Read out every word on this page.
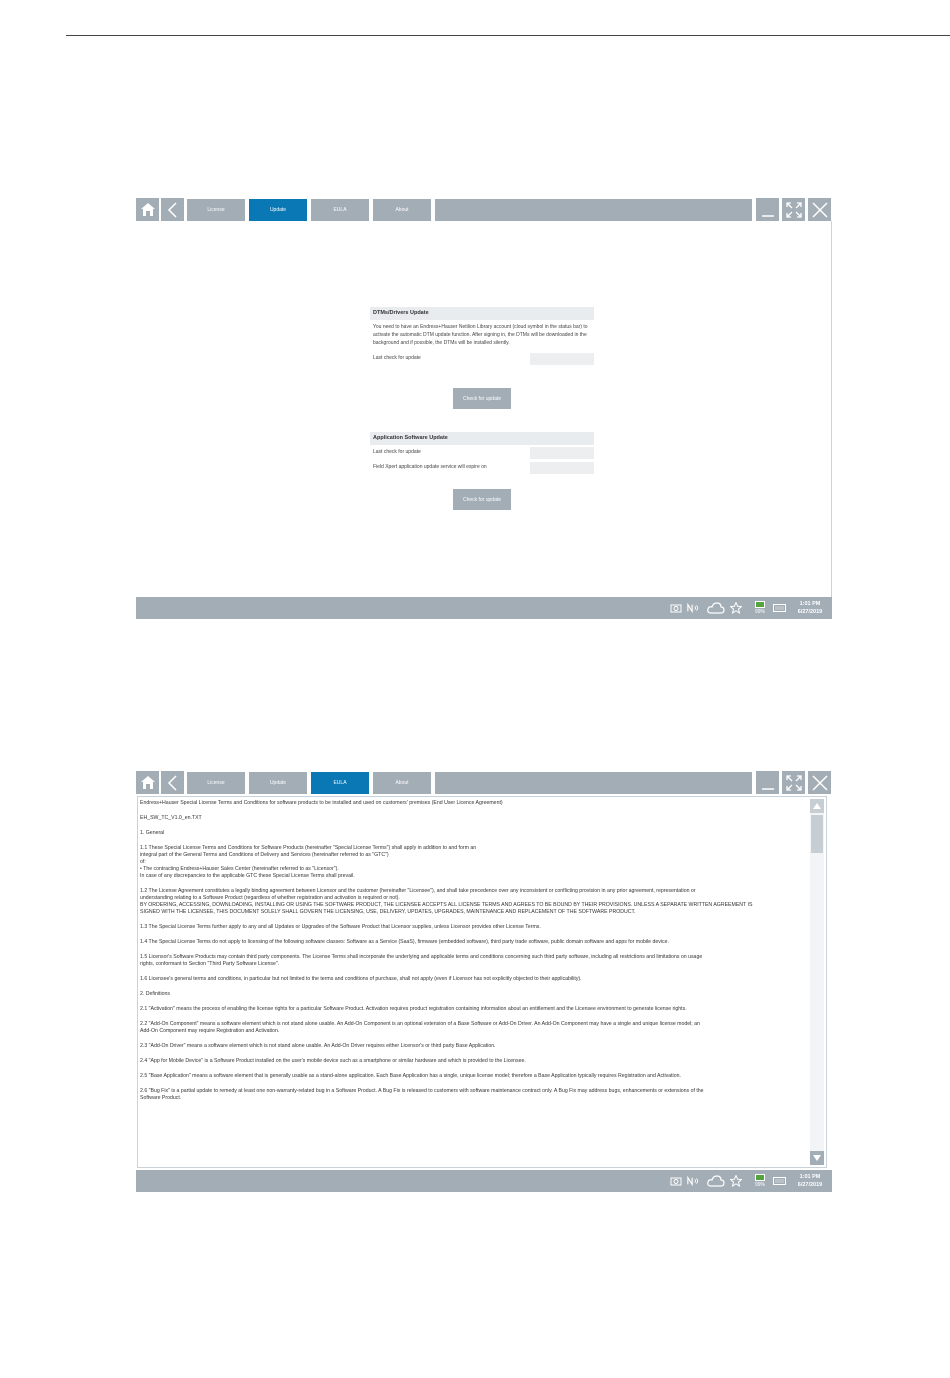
License	Update	EULA	About
DTMs/Drivers Update
You need to have an Endress+Hauser Netilion Library account (cloud symbol in the status bar) to activate the automatic DTM update function. After signing in, the DTMs will be downloaded in the background and if possible, the DTMs will be installed silently.
Last check for update
Check for update
Application Software Update
Last check for update
Field Xpert application update service will expire on
Check for update
99%
1:01 PM
6/27/2019
License	Update	EULA	About
Endress+Hauser Special License Terms and Conditions for software products to be installed and used on customers' premises (End User Licence Agreement)
EH_SW_TC_V1.0_en.TXT
1. General
1.1 These Special License Terms and Conditions for Software Products (hereinafter "Special License Terms") shall apply in addition to and form an
integral part of the General Terms and Conditions of Delivery and Services (hereinafter referred to as "GTC")
of:
• The contracting Endress+Hauser Sales Center (hereinafter referred to as "Licensor").
In case of any discrepancies to the applicable GTC these Special License Terms shall prevail.
1.2 The License Agreement constitutes a legally binding agreement between Licensor and the customer (hereinafter "Licensee"), and shall take precedence over any inconsistent or conflicting provision in any prior agreement, representation or
understanding relating to a Software Product (regardless of whether registration and activation is required or not).
BY ORDERING, ACCESSING, DOWNLOADING, INSTALLING OR USING THE SOFTWARE PRODUCT, THE LICENSEE ACCEPTS ALL LICENSE TERMS AND AGREES TO BE BOUND BY THEIR PROVISIONS. UNLESS A SEPARATE WRITTEN AGREEMENT IS
SIGNED WITH THE LICENSEE, THIS DOCUMENT SOLELY SHALL GOVERN THE LICENSING, USE, DELIVERY, UPDATES, UPGRADES, MAINTENANCE AND REPLACEMENT OF THE SOFTWARE PRODUCT.
1.3 The Special License Terms further apply to any and all Updates or Upgrades of the Software Product that Licensor supplies, unless Licensor provides other License Terms.
1.4 The Special License Terms do not apply to licensing of the following software classes: Software as a Service (SaaS), firmware (embedded software), third party trade software, public domain software and apps for mobile device.
1.5 Licensor's Software Products may contain third party components. The License Terms shall incorporate the underlying and applicable terms and conditions concerning such third party software, including all restrictions and limitations on usage
rights, conformant to Section "Third Party Software License".
1.6 Licensee's general terms and conditions, in particular but not limited to the terms and conditions of purchase, shall not apply (even if Licensor has not explicitly objected to their applicability).
2. Definitions
2.1 "Activation" means the process of enabling the license rights for a particular Software Product. Activation requires product registration containing information about an entitlement and the Licensee environment to generate license rights.
2.2 "Add-On Component" means a software element which is not stand alone usable. An Add-On Component is an optional extension of a Base Software or Add-On Driver. An Add-On Component may have a single and unique license model; an
Add-On Component may require Registration and Activation.
2.3 "Add-On Driver" means a software element which is not stand alone usable. An Add-On Driver requires either Licensor's or third party Base Application.
2.4 "App for Mobile Device" is a Software Product installed on the user's mobile device such as a smartphone or similar hardware and which is provided to the Licensee.
2.5 "Base Application" means a software element that is generally usable as a stand-alone application. Each Base Application has a single, unique license model; therefore a Base Application typically requires Registration and Activation.
2.6 "Bug Fix" is a partial update to remedy at least one non-warranty-related bug in a Software Product. A Bug Fix is released to customers with software maintenance contract only. A Bug Fix may address bugs, enhancements or extensions of the
Software Product.
99%
1:01 PM
6/27/2019
